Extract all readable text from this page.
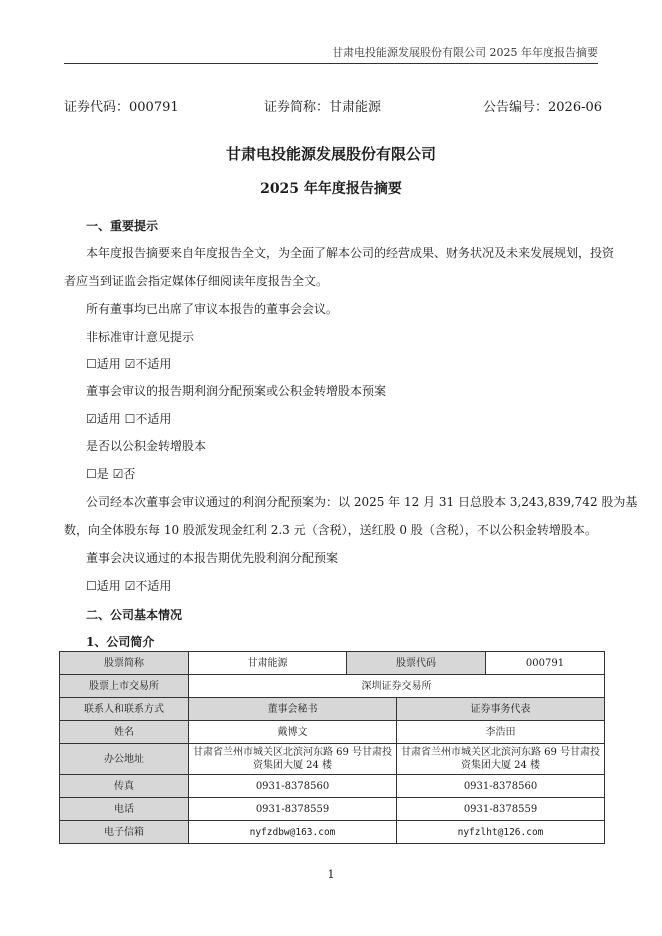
甘肃电投能源发展股份有限公司 2025 年年度报告摘要
证券代码：000791	证券简称：甘肃能源	公告编号：2026-06
甘肃电投能源发展股份有限公司
2025 年年度报告摘要
一、重要提示
本年度报告摘要来自年度报告全文，为全面了解本公司的经营成果、财务状况及未来发展规划，投资
者应当到证监会指定媒体仔细阅读年度报告全文。
所有董事均已出席了审议本报告的董事会会议。
非标准审计意见提示
☐适用 ☑不适用
董事会审议的报告期利润分配预案或公积金转增股本预案
☑适用 ☐不适用
是否以公积金转增股本
☐是 ☑否
公司经本次董事会审议通过的利润分配预案为：以 2025 年 12 月 31 日总股本 3,243,839,742 股为基
数，向全体股东每 10 股派发现金红利 2.3 元（含税），送红股 0 股（含税），不以公积金转增股本。
董事会决议通过的本报告期优先股利润分配预案
☐适用 ☑不适用
二、公司基本情况
1、公司简介
股票简称	甘肃能源	股票代码		000791
股票上市交易所	深圳证券交易所			
联系人和联系方式	董事会秘书		证券事务代表	
姓名	戴博文		李浩田	
办公地址	甘肃省兰州市城关区北滨河东路 69 号甘肃投资集团大厦 24 楼		甘肃省兰州市城关区北滨河东路 69 号甘肃投资集团大厦 24 楼	
传真	0931-8378560		0931-8378560	
电话	0931-8378559		0931-8378559	
电子信箱	nyfzdbw@163.com		nyfzlht@126.com	
1
